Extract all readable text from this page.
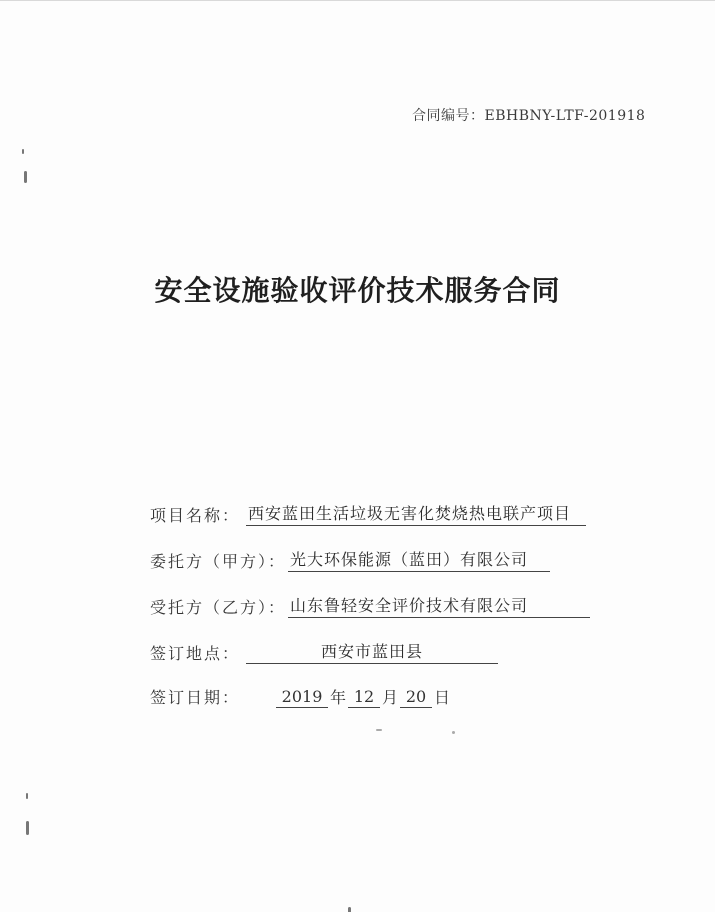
合同编号：EBHBNY-LTF-201918
安全设施验收评价技术服务合同
项目名称： 西安蓝田生活垃圾无害化焚烧热电联产项目
委托方（甲方）： 光大环保能源（蓝田）有限公司
受托方（乙方）： 山东鲁轻安全评价技术有限公司
签订地点：	西安市蓝田县
签订日期：	2019 年 12 月 20 日
